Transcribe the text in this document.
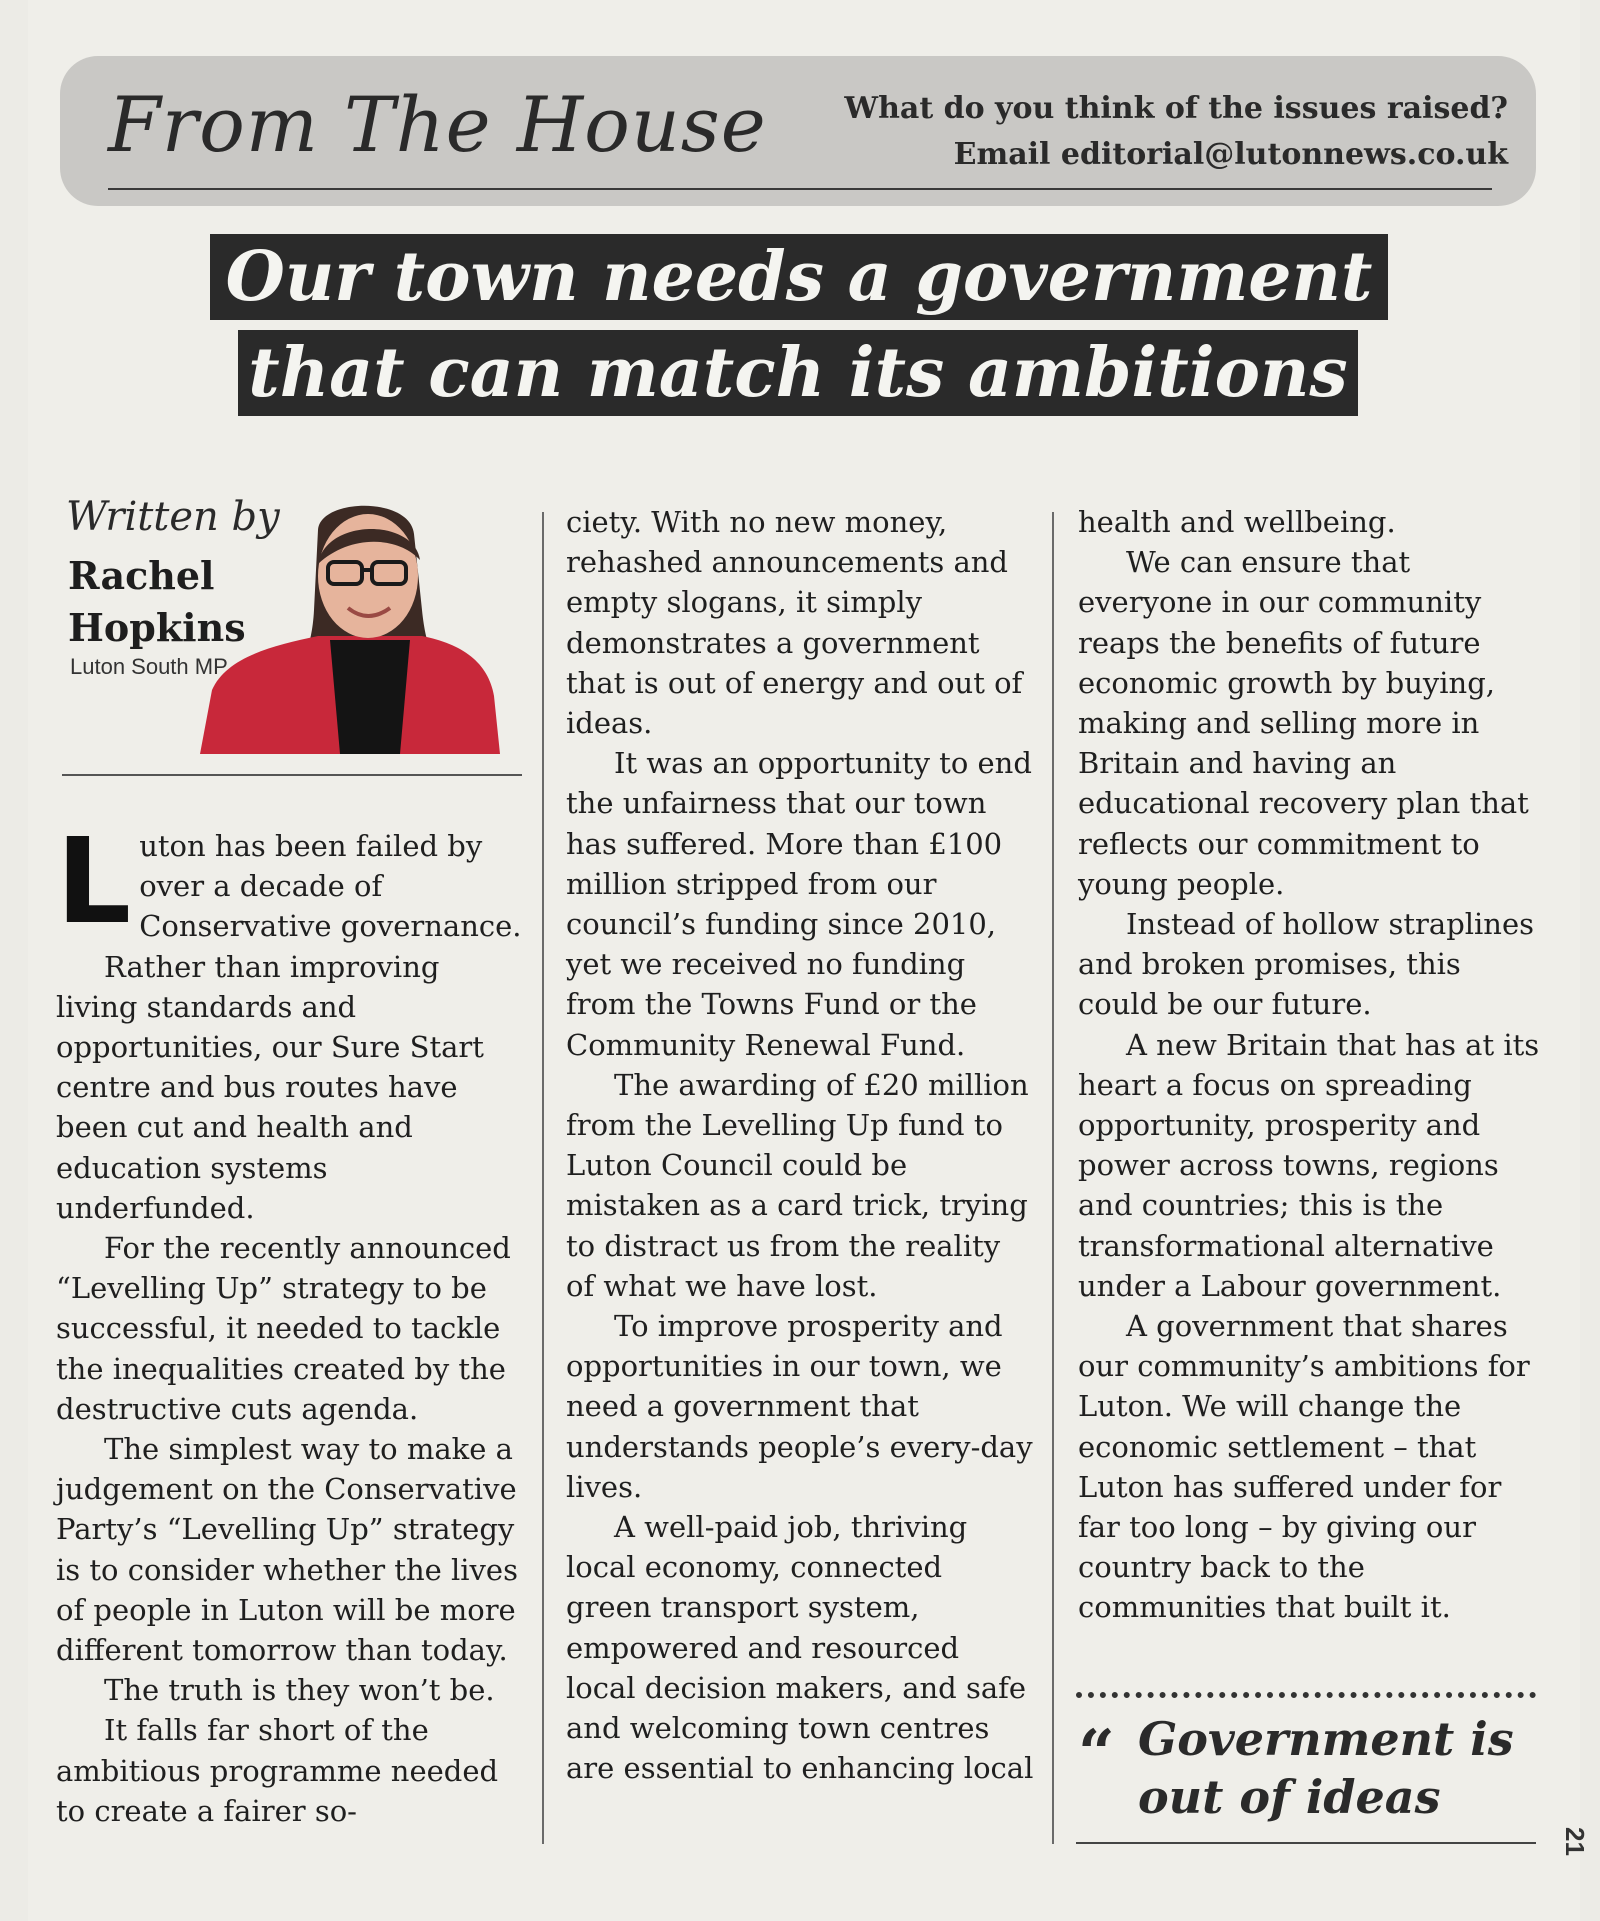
From The House	What do you think of the issues raised?
Email editorial@lutonnews.co.uk
Our town needs a government
that can match its ambitions
Written by
Rachel
Hopkins
Luton South MP

Luton has been failed by over a decade of Conservative governance.

Rather than improving living standards and opportunities, our Sure Start centre and bus routes have been cut and health and education systems underfunded.

For the recently announced “Levelling Up” strategy to be successful, it needed to tackle the inequalities created by the destructive cuts agenda.

The simplest way to make a judgement on the Conservative Party’s “Levelling Up” strategy is to consider whether the lives of people in Luton will be more different tomorrow than today.

The truth is they won’t be.

It falls far short of the ambitious programme needed to create a fairer so-

ciety. With no new money, rehashed announcements and empty slogans, it simply demonstrates a government that is out of energy and out of ideas.

It was an opportunity to end the unfairness that our town has suffered. More than £100 million stripped from our council’s funding since 2010, yet we received no funding from the Towns Fund or the Community Renewal Fund.

The awarding of £20 million from the Levelling Up fund to Luton Council could be mistaken as a card trick, trying to distract us from the reality of what we have lost.

To improve prosperity and opportunities in our town, we need a government that understands people’s every-day lives.

A well-paid job, thriving local economy, connected green transport system, empowered and resourced local decision makers, and safe and welcoming town centres are essential to enhancing local

health and wellbeing.

We can ensure that everyone in our community reaps the benefits of future economic growth by buying, making and selling more in Britain and having an educational recovery plan that reflects our commitment to young people.

Instead of hollow straplines and broken promises, this could be our future.

A new Britain that has at its heart a focus on spreading opportunity, prosperity and power across towns, regions and countries; this is the transformational alternative under a Labour government.

A government that shares our community’s ambitions for Luton. We will change the economic settlement – that Luton has suffered under for far too long – by giving our country back to the communities that built it.

“ Government is
out of ideas
21
